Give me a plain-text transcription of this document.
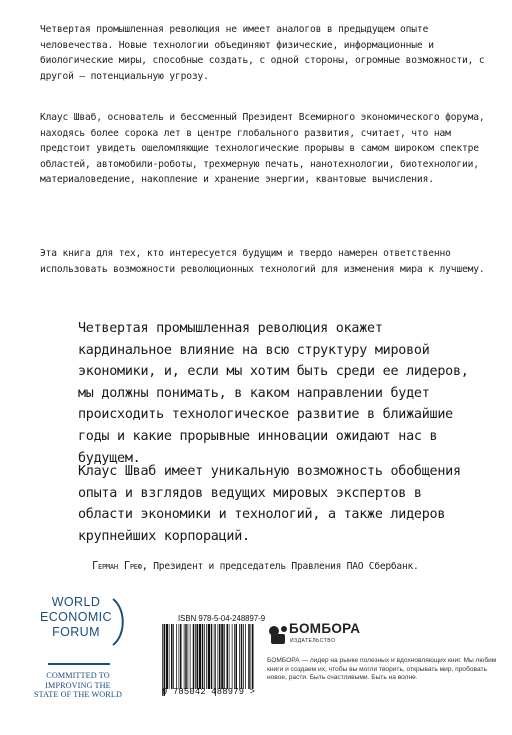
Четвертая промышленная революция не имеет аналогов в предыдущем опыте человечества. Новые технологии объединяют физические, информационные и биологические миры, способные создать, с одной стороны, огромные возможности, с другой – потенциальную угрозу.

Клаус Шваб, основатель и бессменный Президент Всемирного экономического форума, находясь более сорока лет в центре глобального развития, считает, что нам предстоит увидеть ошеломляющие технологические прорывы в самом широком спектре областей, автомобили-роботы, трехмерную печать, нанотехнологии, биотехнологии, материаловедение, накопление и хранение энергии, квантовые вычисления.

Эта книга для тех, кто интересуется будущим и твердо намерен ответственно использовать возможности революционных технологий для изменения мира к лучшему.

Четвертая промышленная революция окажет кардинальное влияние на всю структуру мировой экономики, и, если мы хотим быть среди ее лидеров, мы должны понимать, в каком направлении будет происходить технологическое развитие в ближайшие годы и какие прорывные инновации ожидают нас в будущем.

Клаус Шваб имеет уникальную возможность обобщения опыта и взглядов ведущих мировых экспертов в области экономики и технологий, а также лидеров крупнейших корпораций.

Герман Греф, Президент и председатель Правления ПАО Сбербанк.
WORLD
ECONOMIC
FORUM
COMMITTED TO IMPROVING THE STATE OF THE WORLD
ISBN 978-5-04-248897-9
9 785042 488979 >
БОМБОРА
ИЗДАТЕЛЬСТВО
БОМБОРА — лидер на рынке полезных и вдохновляющих книг. Мы любим книги и создаем их, чтобы вы могли творить, открывать мир, пробовать новое, расти. Быть счастливыми. Быть на волне.
